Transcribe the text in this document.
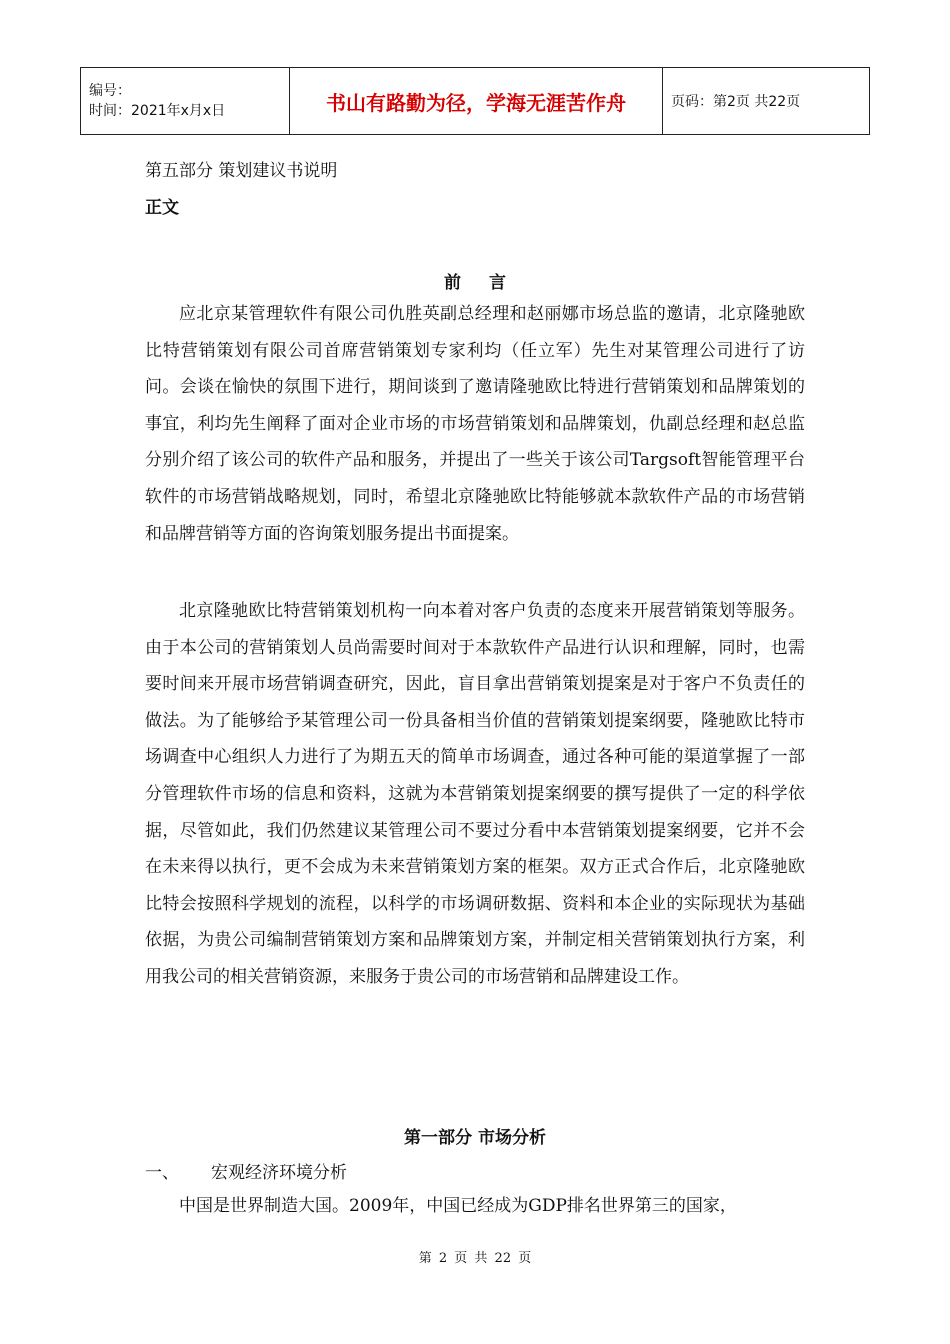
编号：
时间：2021年x月x日	书山有路勤为径，学海无涯苦作舟	页码：第2页 共22页
第五部分 策划建议书说明
正文
前言

应北京某管理软件有限公司仇胜英副总经理和赵丽娜市场总监的邀请，北京隆驰欧比特营销策划有限公司首席营销策划专家利均（任立军）先生对某管理公司进行了访问。会谈在愉快的氛围下进行，期间谈到了邀请隆驰欧比特进行营销策划和品牌策划的事宜，利均先生阐释了面对企业市场的市场营销策划和品牌策划，仇副总经理和赵总监分别介绍了该公司的软件产品和服务，并提出了一些关于该公司Targsoft智能管理平台软件的市场营销战略规划，同时，希望北京隆驰欧比特能够就本款软件产品的市场营销和品牌营销等方面的咨询策划服务提出书面提案。

北京隆驰欧比特营销策划机构一向本着对客户负责的态度来开展营销策划等服务。由于本公司的营销策划人员尚需要时间对于本款软件产品进行认识和理解，同时，也需要时间来开展市场营销调查研究，因此，盲目拿出营销策划提案是对于客户不负责任的做法。为了能够给予某管理公司一份具备相当价值的营销策划提案纲要，隆驰欧比特市场调查中心组织人力进行了为期五天的简单市场调查，通过各种可能的渠道掌握了一部分管理软件市场的信息和资料，这就为本营销策划提案纲要的撰写提供了一定的科学依据，尽管如此，我们仍然建议某管理公司不要过分看中本营销策划提案纲要，它并不会在未来得以执行，更不会成为未来营销策划方案的框架。双方正式合作后，北京隆驰欧比特会按照科学规划的流程，以科学的市场调研数据、资料和本企业的实际现状为基础依据，为贵公司编制营销策划方案和品牌策划方案，并制定相关营销策划执行方案，利用我公司的相关营销资源，来服务于贵公司的市场营销和品牌建设工作。

第一部分 市场分析
一、 宏观经济环境分析

中国是世界制造大国。2009年，中国已经成为GDP排名世界第三的国家，

第 2 页 共 22 页
